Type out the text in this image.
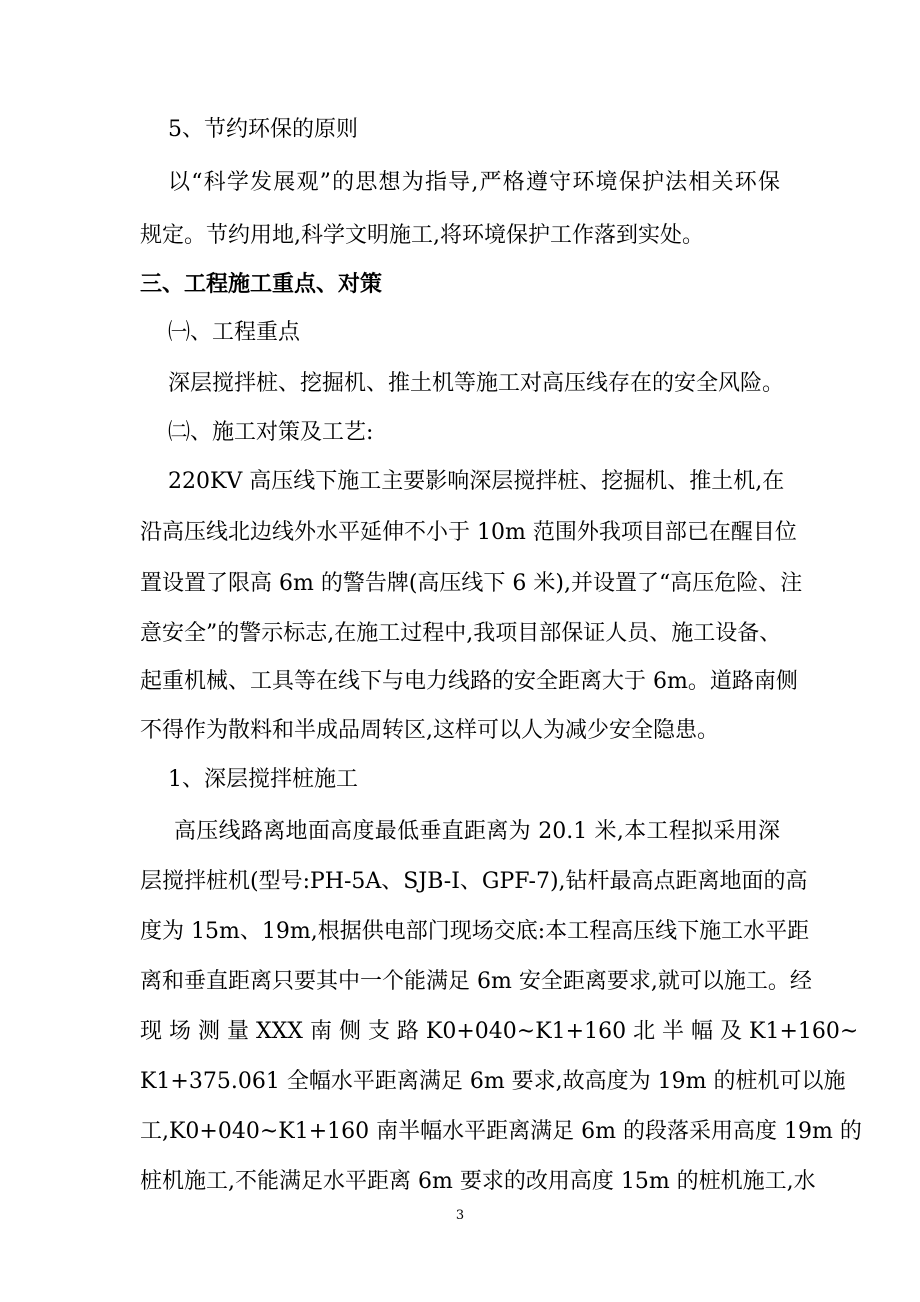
5、节约环保的原则
以“科学发展观”的思想为指导,严格遵守环境保护法相关环保
规定。节约用地,科学文明施工,将环境保护工作落到实处。
三、工程施工重点、对策
㈠、工程重点
深层搅拌桩、挖掘机、推土机等施工对高压线存在的安全风险。
㈡、施工对策及工艺:
220KV 高压线下施工主要影响深层搅拌桩、挖掘机、推土机,在
沿高压线北边线外水平延伸不小于 10m 范围外我项目部已在醒目位
置设置了限高 6m 的警告牌(高压线下 6 米),并设置了“高压危险、注
意安全”的警示标志,在施工过程中,我项目部保证人员、施工设备、
起重机械、工具等在线下与电力线路的安全距离大于 6m。道路南侧
不得作为散料和半成品周转区,这样可以人为减少安全隐患。
1、深层搅拌桩施工
高压线路离地面高度最低垂直距离为 20.1 米,本工程拟采用深
层搅拌桩机(型号:PH-5A、SJB-Ⅰ、GPF-7),钻杆最高点距离地面的高
度为 15m、19m,根据供电部门现场交底:本工程高压线下施工水平距
离和垂直距离只要其中一个能满足 6m 安全距离要求,就可以施工。经
现 场 测 量 XXX 南 侧 支 路 K0+040~K1+160 北 半 幅 及 K1+160~
K1+375.061 全幅水平距离满足 6m 要求,故高度为 19m 的桩机可以施
工,K0+040~K1+160 南半幅水平距离满足 6m 的段落采用高度 19m 的
桩机施工,不能满足水平距离 6m 要求的改用高度 15m 的桩机施工,水
3
